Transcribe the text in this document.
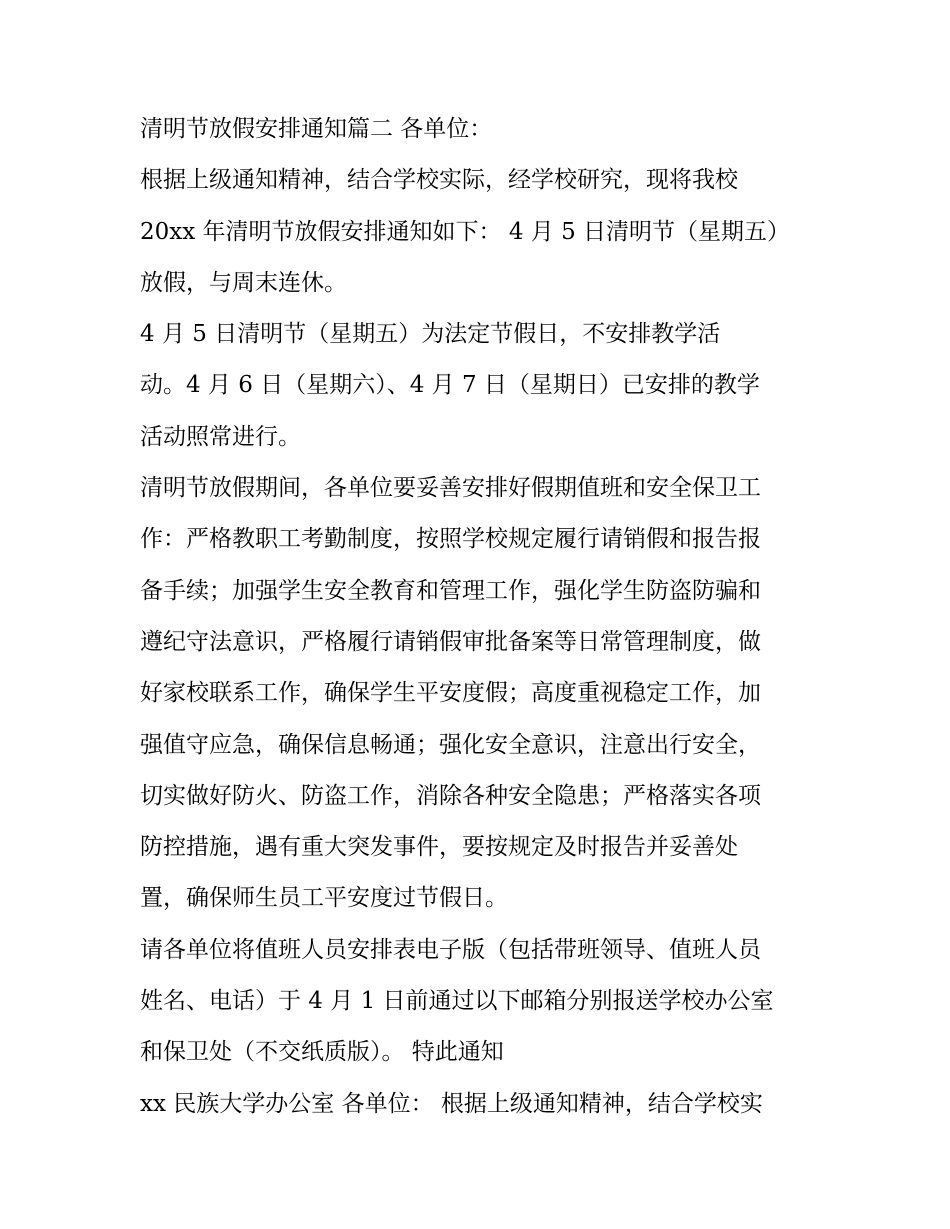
清明节放假安排通知篇二 各单位：
根据上级通知精神，结合学校实际，经学校研究，现将我校
20xx 年清明节放假安排通知如下： 4 月 5 日清明节（星期五）
放假，与周末连休。
4 月 5 日清明节（星期五）为法定节假日，不安排教学活
动。4 月 6 日（星期六）、4 月 7 日（星期日）已安排的教学
活动照常进行。
清明节放假期间，各单位要妥善安排好假期值班和安全保卫工
作：严格教职工考勤制度，按照学校规定履行请销假和报告报
备手续；加强学生安全教育和管理工作，强化学生防盗防骗和
遵纪守法意识，严格履行请销假审批备案等日常管理制度，做
好家校联系工作，确保学生平安度假；高度重视稳定工作，加
强值守应急，确保信息畅通；强化安全意识，注意出行安全，
切实做好防火、防盗工作，消除各种安全隐患；严格落实各项
防控措施，遇有重大突发事件，要按规定及时报告并妥善处
置，确保师生员工平安度过节假日。
请各单位将值班人员安排表电子版（包括带班领导、值班人员
姓名、电话）于 4 月 1 日前通过以下邮箱分别报送学校办公室
和保卫处（不交纸质版）。 特此通知
xx 民族大学办公室 各单位： 根据上级通知精神，结合学校实
